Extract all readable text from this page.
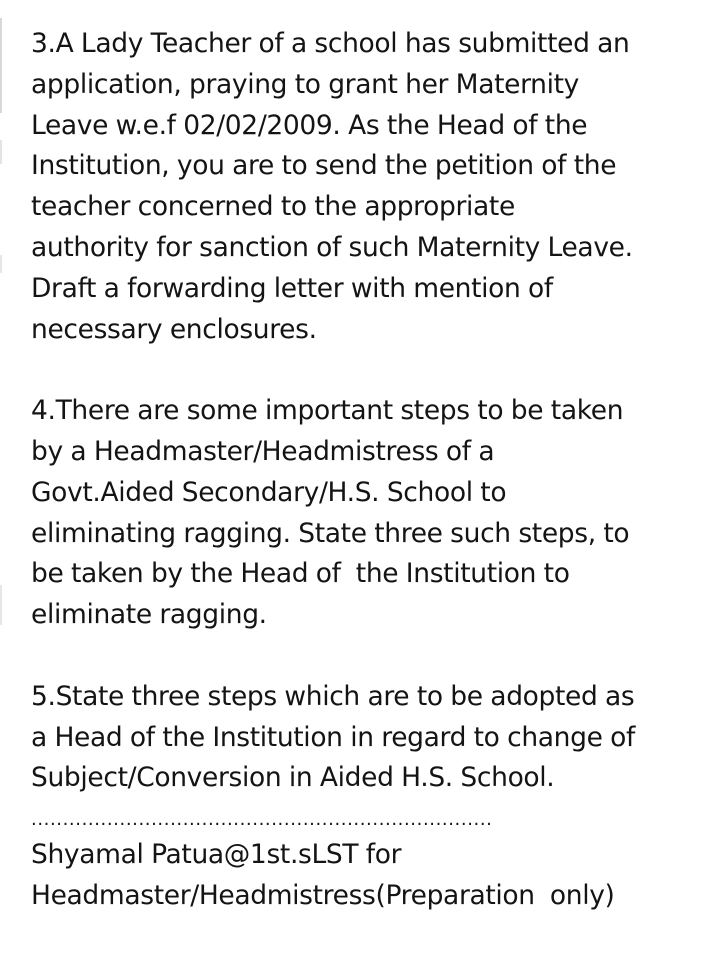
3.A Lady Teacher of a school has submitted an
application, praying to grant her Maternity
Leave w.e.f 02/02/2009. As the Head of the
Institution, you are to send the petition of the
teacher concerned to the appropriate
authority for sanction of such Maternity Leave.
Draft a forwarding letter with mention of
necessary enclosures.

4.There are some important steps to be taken
by a Headmaster/Headmistress of a
Govt.Aided Secondary/H.S. School to
eliminating ragging. State three such steps, to
be taken by the Head of  the Institution to
eliminate ragging.

5.State three steps which are to be adopted as
a Head of the Institution in regard to change of
Subject/Conversion in Aided H.S. School.

.........................................................................
Shyamal Patua@1st.sLST for
Headmaster/Headmistress(Preparation  only)
